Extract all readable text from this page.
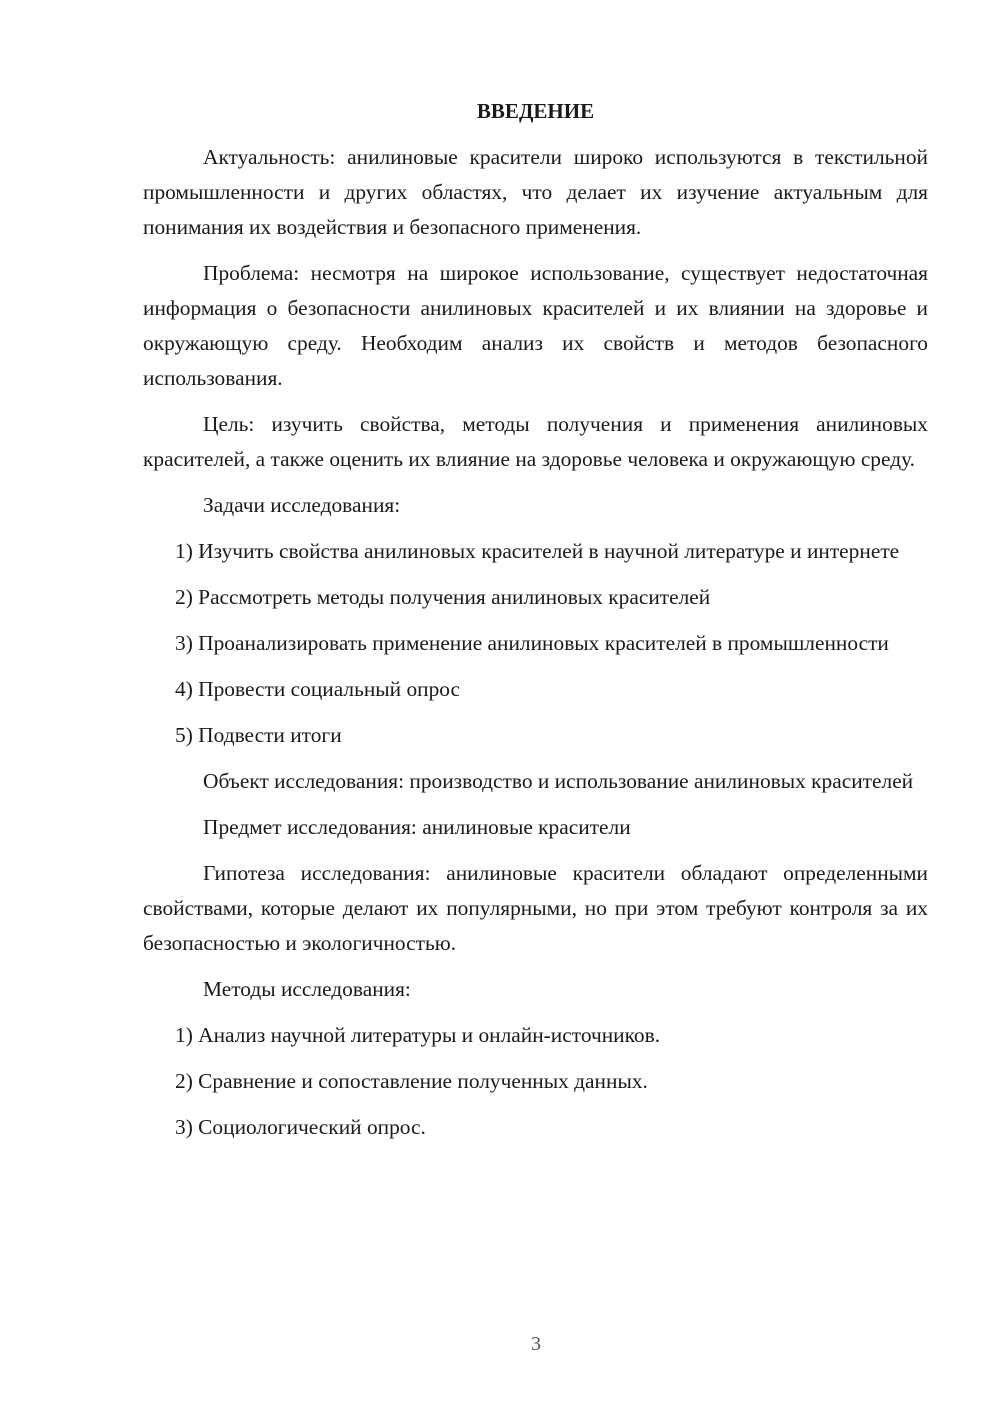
ВВЕДЕНИЕ

Актуальность: анилиновые красители широко используются в текстильной промышленности и других областях, что делает их изучение актуальным для понимания их воздействия и безопасного применения.

Проблема: несмотря на широкое использование, существует недостаточная информация о безопасности анилиновых красителей и их влиянии на здоровье и окружающую среду. Необходим анализ их свойств и методов безопасного использования.

Цель: изучить свойства, методы получения и применения анилиновых красителей, а также оценить их влияние на здоровье человека и окружающую среду.

Задачи исследования:

1) Изучить свойства анилиновых красителей в научной литературе и интернете

2) Рассмотреть методы получения анилиновых красителей

3) Проанализировать применение анилиновых красителей в промышленности

4) Провести социальный опрос

5) Подвести итоги

Объект исследования: производство и использование анилиновых красителей

Предмет исследования: анилиновые красители

Гипотеза исследования: анилиновые красители обладают определенными свойствами, которые делают их популярными, но при этом требуют контроля за их безопасностью и экологичностью.

Методы исследования:

1) Анализ научной литературы и онлайн-источников.

2) Сравнение и сопоставление полученных данных.

3) Социологический опрос.

3
